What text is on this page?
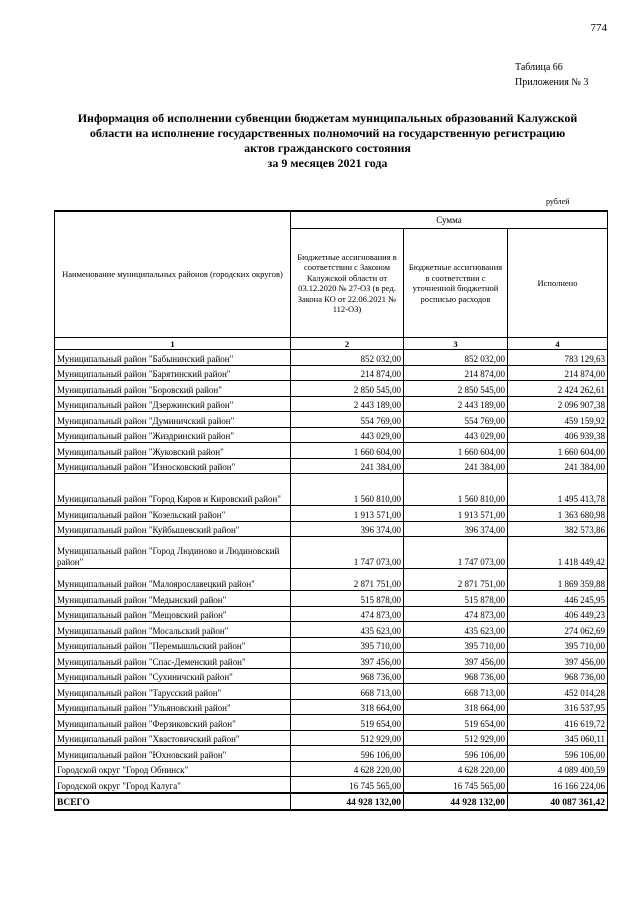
774
Таблица 66
Приложения № 3
Информация об исполнении субвенции бюджетам муниципальных образований Калужской
области на исполнение государственных полномочий на государственную регистрацию
актов гражданского состояния
за 9 месяцев 2021 года
рублей
Наименование муниципальных районов (городских округов)	Сумма		
	Бюджетные ассигнования в соответствии с Законом Калужской области от 03.12.2020 № 27-ОЗ (в ред. Закона КО от 22.06.2021 № 112-ОЗ)	Бюджетные ассигнования в соответствии с уточненной бюджетной росписью расходов	Исполнено
1	2	3	4
Муниципальный район "Бабынинский район"	852 032,00	852 032,00	783 129,63
Муниципальный район "Барятинский район"	214 874,00	214 874,00	214 874,00
Муниципальный район "Боровский район"	2 850 545,00	2 850 545,00	2 424 262,61
Муниципальный район "Дзержинский район"	2 443 189,00	2 443 189,00	2 096 907,38
Муниципальный район "Думиничский район"	554 769,00	554 769,00	459 159,92
Муниципальный район "Жиздринский район"	443 029,00	443 029,00	406 939,38
Муниципальный район "Жуковский район"	1 660 604,00	1 660 604,00	1 660 604,00
Муниципальный район "Износковский район"	241 384,00	241 384,00	241 384,00
Муниципальный район "Город Киров и Кировский район"	1 560 810,00	1 560 810,00	1 495 413,78
Муниципальный район "Козельский район"	1 913 571,00	1 913 571,00	1 363 680,98
Муниципальный район "Куйбышевский район"	396 374,00	396 374,00	382 573,86
Муниципальный район "Город Людиново и Людиновский район"	1 747 073,00	1 747 073,00	1 418 449,42
Муниципальный район "Малоярославецкий район"	2 871 751,00	2 871 751,00	1 869 359,88
Муниципальный район "Медынский район"	515 878,00	515 878,00	446 245,95
Муниципальный район "Мещовский район"	474 873,00	474 873,00	406 449,23
Муниципальный район "Мосальский район"	435 623,00	435 623,00	274 062,69
Муниципальный район "Перемышльский район"	395 710,00	395 710,00	395 710,00
Муниципальный район "Спас-Деменский район"	397 456,00	397 456,00	397 456,00
Муниципальный район "Сухиничский район"	968 736,00	968 736,00	968 736,00
Муниципальный район "Тарусский район"	668 713,00	668 713,00	452 014,28
Муниципальный район "Ульяновский район"	318 664,00	318 664,00	316 537,95
Муниципальный район "Ферзиковский район"	519 654,00	519 654,00	416 619,72
Муниципальный район "Хвастовичский район"	512 929,00	512 929,00	345 060,11
Муниципальный район "Юхновский район"	596 106,00	596 106,00	596 106,00
Городской округ "Город Обнинск"	4 628 220,00	4 628 220,00	4 089 400,59
Городской округ "Город Калуга"	16 745 565,00	16 745 565,00	16 166 224,06
ВСЕГО	44 928 132,00	44 928 132,00	40 087 361,42
